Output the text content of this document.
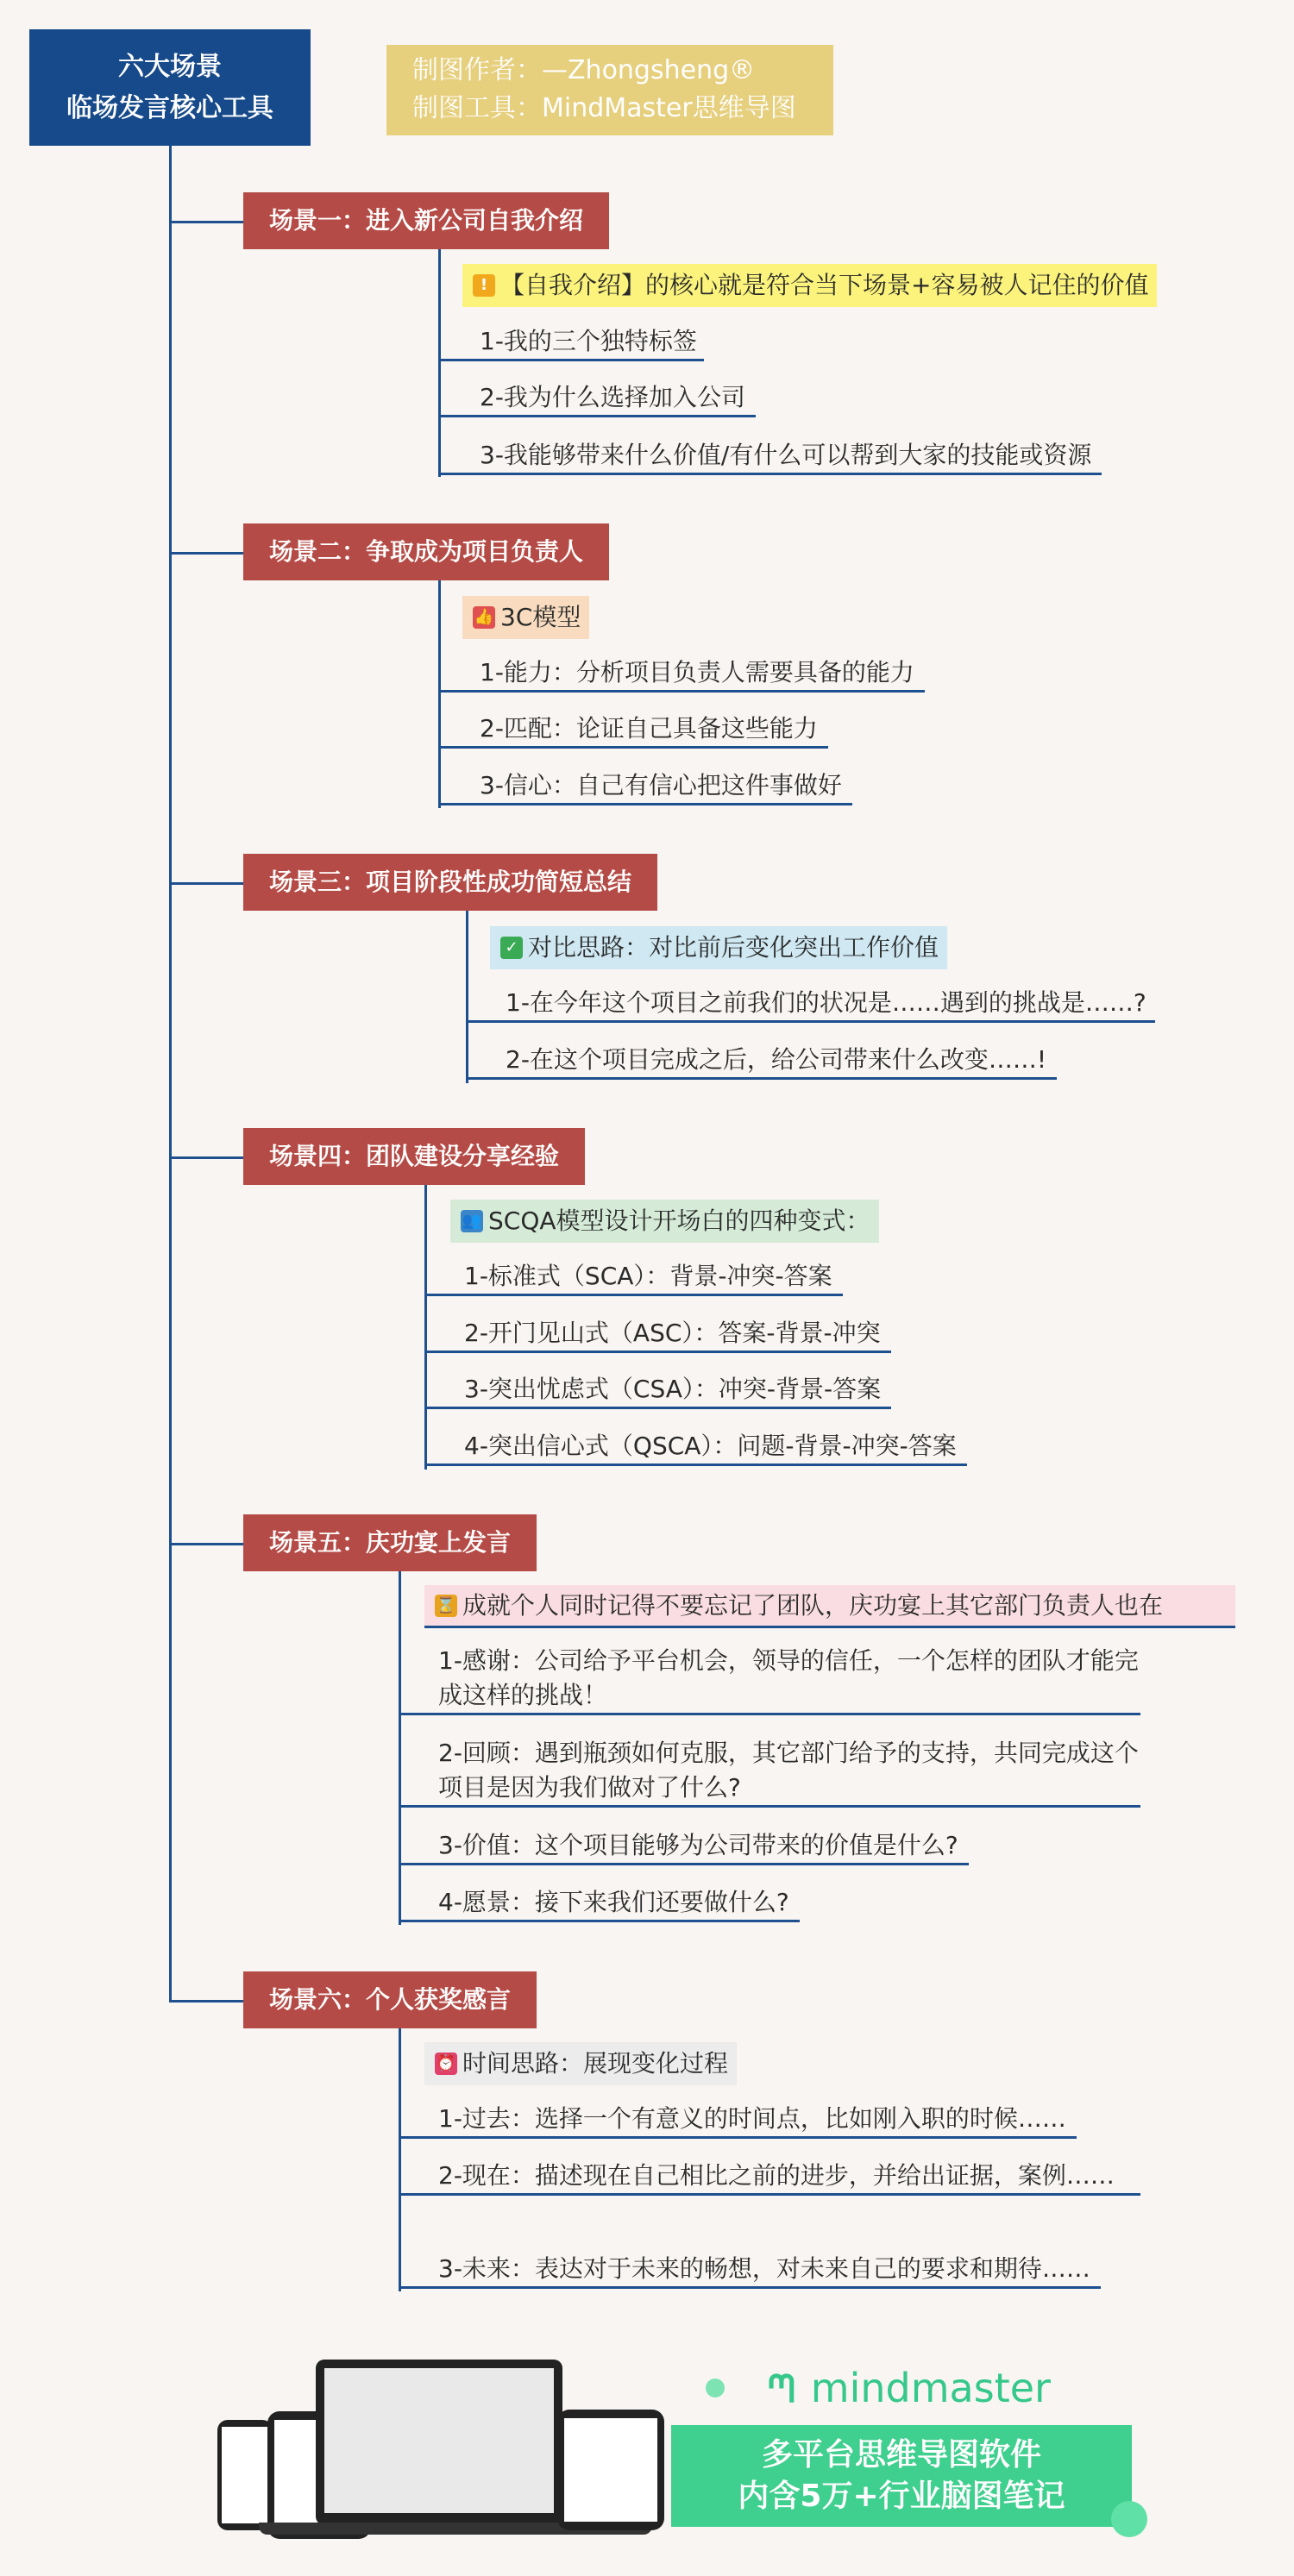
六大场景
临场发言核心工具
制图作者：—Zhongsheng®
制图工具：MindMaster思维导图
场景一：进入新公司自我介绍
! 【自我介绍】的核心就是符合当下场景+容易被人记住的价值
1-我的三个独特标签
2-我为什么选择加入公司
3-我能够带来什么价值/有什么可以帮到大家的技能或资源
场景二：争取成为项目负责人
👍 3C模型
1-能力：分析项目负责人需要具备的能力
2-匹配：论证自己具备这些能力
3-信心：自己有信心把这件事做好
场景三：项目阶段性成功简短总结
✓ 对比思路：对比前后变化突出工作价值
1-在今年这个项目之前我们的状况是……遇到的挑战是……?
2-在这个项目完成之后，给公司带来什么改变……!
场景四：团队建设分享经验
👥 SCQA模型设计开场白的四种变式：
1-标准式（SCA）：背景-冲突-答案
2-开门见山式（ASC）：答案-背景-冲突
3-突出忧虑式（CSA）：冲突-背景-答案
4-突出信心式（QSCA）：问题-背景-冲突-答案
场景五：庆功宴上发言
⌛ 成就个人同时记得不要忘记了团队，庆功宴上其它部门负责人也在
1-感谢：公司给予平台机会，领导的信任，一个怎样的团队才能完成这样的挑战！
2-回顾：遇到瓶颈如何克服，其它部门给予的支持，共同完成这个项目是因为我们做对了什么?
3-价值：这个项目能够为公司带来的价值是什么?
4-愿景：接下来我们还要做什么?
场景六：个人获奖感言
⏰ 时间思路：展现变化过程
1-过去：选择一个有意义的时间点，比如刚入职的时候……
2-现在：描述现在自己相比之前的进步，并给出证据，案例……
3-未来：表达对于未来的畅想，对未来自己的要求和期待……
ᘉ mindmaster
多平台思维导图软件
内含5万+行业脑图笔记
